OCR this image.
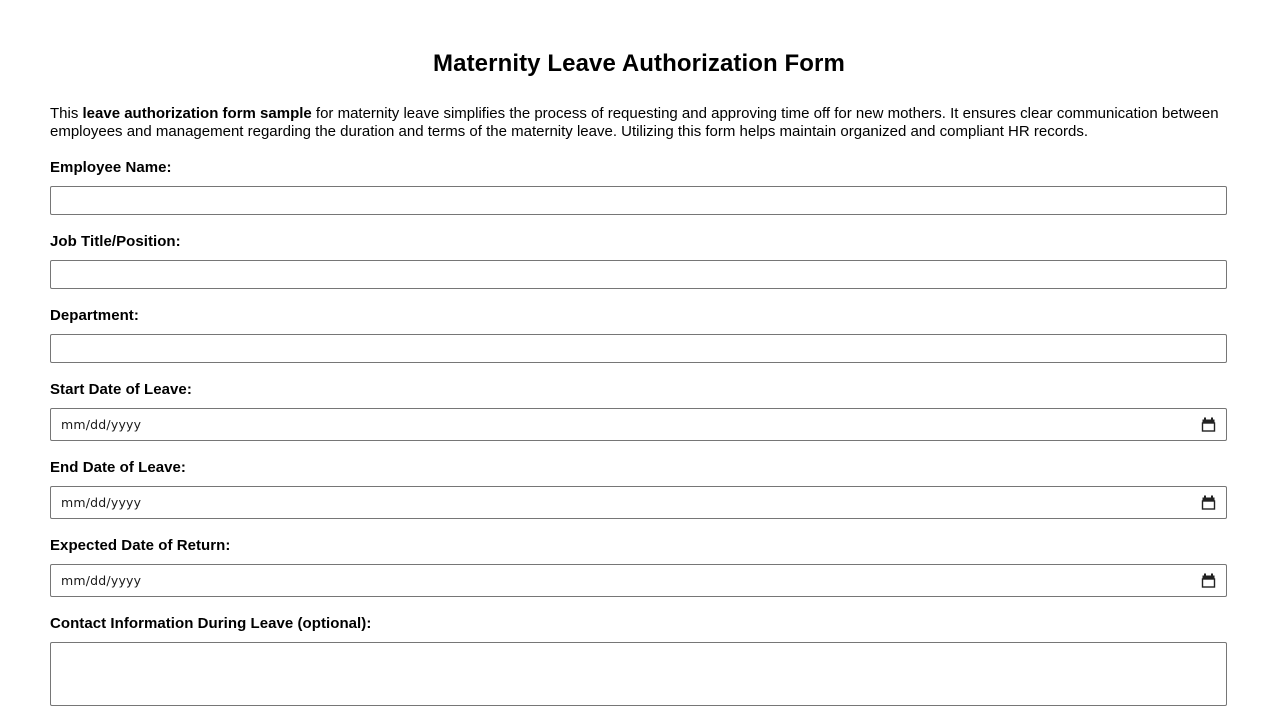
Maternity Leave Authorization Form

This leave authorization form sample for maternity leave simplifies the process of requesting and approving time off for new mothers. It ensures clear communication between employees and management regarding the duration and terms of the maternity leave. Utilizing this form helps maintain organized and compliant HR records.

Employee Name:
Job Title/Position:
Department:
Start Date of Leave:
mm/dd/yyyy
End Date of Leave:
mm/dd/yyyy
Expected Date of Return:
mm/dd/yyyy
Contact Information During Leave (optional):
